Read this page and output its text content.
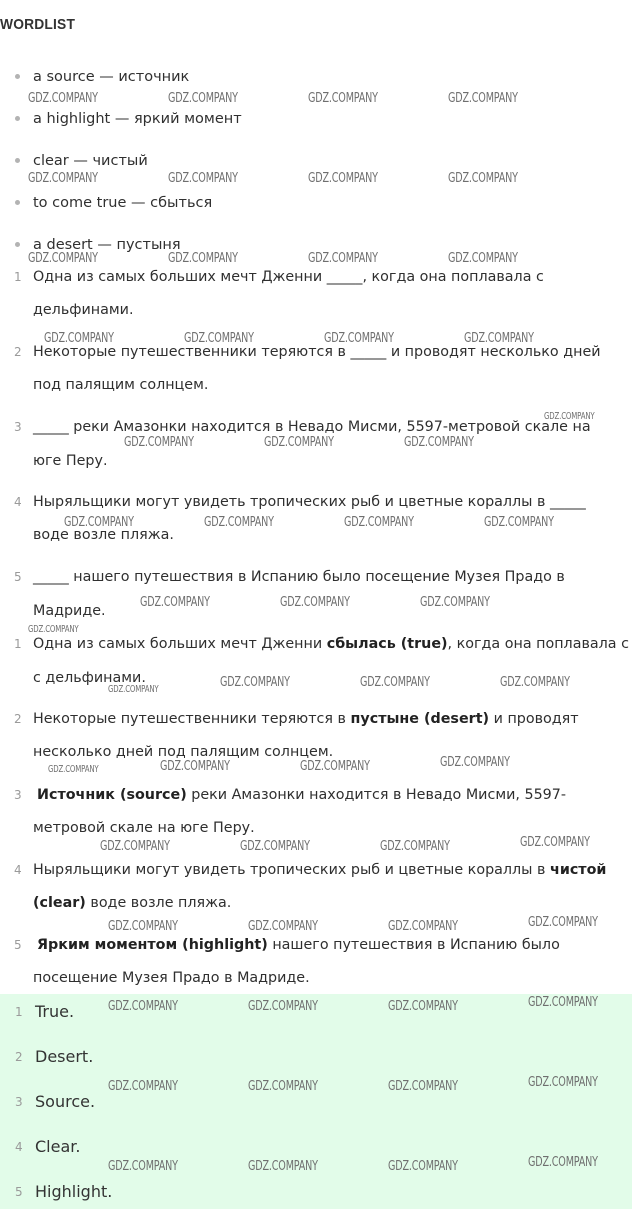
WORDLIST
a source — источник
a highlight — яркий момент
clear — чистый
to come true — сбыться
a desert — пустыня
1 Одна из самых больших мечт Дженни _____, когда она поплавала с
дельфинами.
2 Некоторые путешественники теряются в _____ и проводят несколько дней
под палящим солнцем.
3 _____ реки Амазонки находится в Невадо Мисми, 5597-метровой скале на
юге Перу.
4 Ныряльщики могут увидеть тропических рыб и цветные кораллы в _____
воде возле пляжа.
5 _____ нашего путешествия в Испанию было посещение Музея Прадо в
Мадриде.
1 Одна из самых больших мечт Дженни сбылась (true), когда она поплавала с
с дельфинами.
2 Некоторые путешественники теряются в пустыне (desert) и проводят
несколько дней под палящим солнцем.
3 Источник (source) реки Амазонки находится в Невадо Мисми, 5597-
метровой скале на юге Перу.
4 Ныряльщики могут увидеть тропических рыб и цветные кораллы в чистой
(clear) воде возле пляжа.
5 Ярким моментом (highlight) нашего путешествия в Испанию было
посещение Музея Прадо в Мадриде.
1 True.
2 Desert.
3 Source.
4 Clear.
5 Highlight.
GDZ.COMPANY	GDZ.COMPANY	GDZ.COMPANY	GDZ.COMPANY
GDZ.COMPANY	GDZ.COMPANY	GDZ.COMPANY	GDZ.COMPANY
GDZ.COMPANY	GDZ.COMPANY	GDZ.COMPANY	GDZ.COMPANY
GDZ.COMPANY	GDZ.COMPANY	GDZ.COMPANY	GDZ.COMPANY
GDZ.COMPANY
GDZ.COMPANY	GDZ.COMPANY	GDZ.COMPANY
GDZ.COMPANY	GDZ.COMPANY	GDZ.COMPANY	GDZ.COMPANY
GDZ.COMPANY	GDZ.COMPANY	GDZ.COMPANY
GDZ.COMPANY
GDZ.COMPANY	GDZ.COMPANY	GDZ.COMPANY	GDZ.COMPANY
GDZ.COMPANY	GDZ.COMPANY	GDZ.COMPANY	GDZ.COMPANY
GDZ.COMPANY	GDZ.COMPANY	GDZ.COMPANY	GDZ.COMPANY
GDZ.COMPANY	GDZ.COMPANY	GDZ.COMPANY	GDZ.COMPANY
GDZ.COMPANY	GDZ.COMPANY	GDZ.COMPANY	GDZ.COMPANY
GDZ.COMPANY	GDZ.COMPANY	GDZ.COMPANY	GDZ.COMPANY
GDZ.COMPANY	GDZ.COMPANY	GDZ.COMPANY	GDZ.COMPANY
